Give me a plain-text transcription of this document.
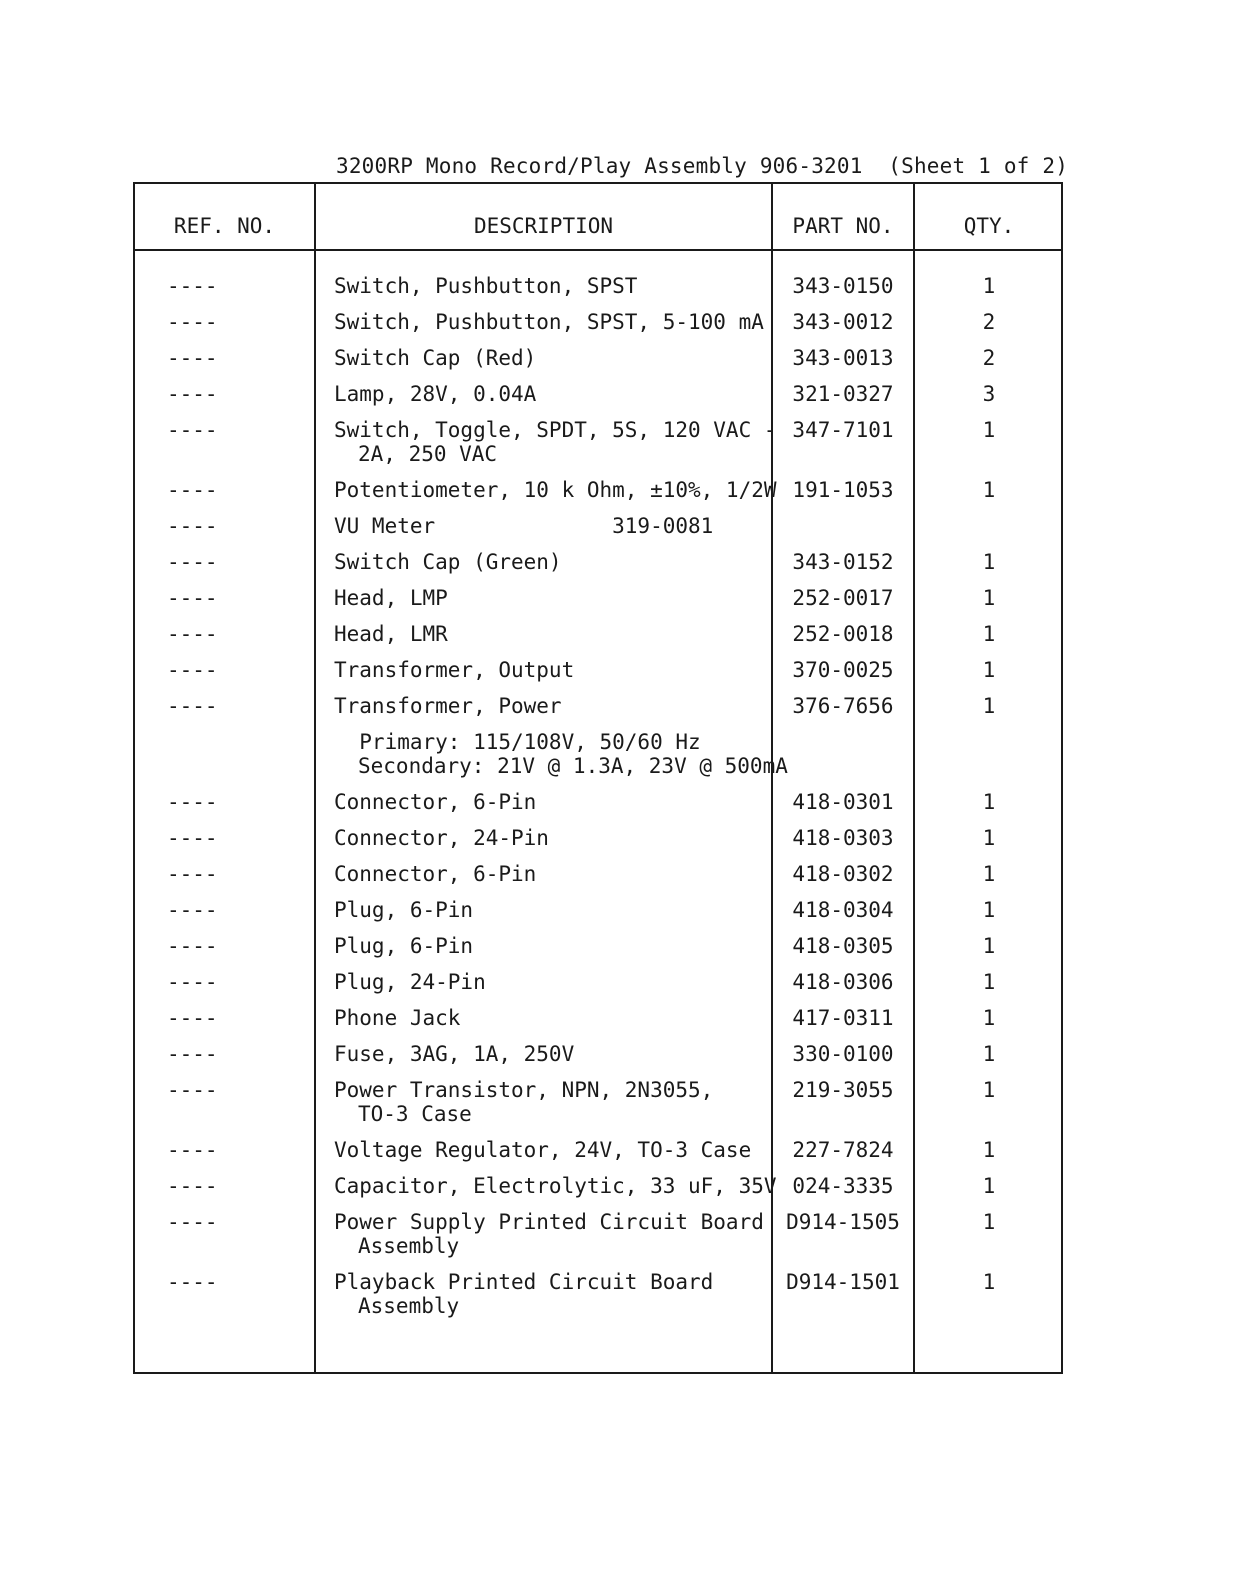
3200RP Mono Record/Play Assembly 906-3201  (Sheet 1 of 2)
REF. NO.	DESCRIPTION	PART NO.	QTY.
----	Switch, Pushbutton, SPST	343-0150	1
----	Switch, Pushbutton, SPST, 5-100 mA	343-0012	2
----	Switch Cap (Red)	343-0013	2
----	Lamp, 28V, 0.04A	321-0327	3
----	Switch, Toggle, SPDT, 5S, 120 VAC -
2A, 250 VAC
347-7101	1
----	Potentiometer, 10 k Ohm, ±10%, 1/2W 191-1053	1
----	VU Meter              319-0081
----	Switch Cap (Green)	343-0152	1
----	Head, LMP	252-0017	1
----	Head, LMR	252-0018	1
----	Transformer, Output	370-0025	1
----	Transformer, Power	376-7656	1
Primary: 115/108V, 50/60 Hz
Secondary: 21V @ 1.3A, 23V @ 500mA
----	Connector, 6-Pin	418-0301	1
----	Connector, 24-Pin	418-0303	1
----	Connector, 6-Pin	418-0302	1
----	Plug, 6-Pin	418-0304	1
----	Plug, 6-Pin	418-0305	1
----	Plug, 24-Pin	418-0306	1
----	Phone Jack	417-0311	1
----	Fuse, 3AG, 1A, 250V	330-0100	1
----	Power Transistor, NPN, 2N3055,
TO-3 Case
219-3055	1
----	Voltage Regulator, 24V, TO-3 Case	227-7824	1
----	Capacitor, Electrolytic, 33 uF, 35V 024-3335	1
----	Power Supply Printed Circuit Board
Assembly
D914-1505	1
----	Playback Printed Circuit Board
Assembly
D914-1501	1
